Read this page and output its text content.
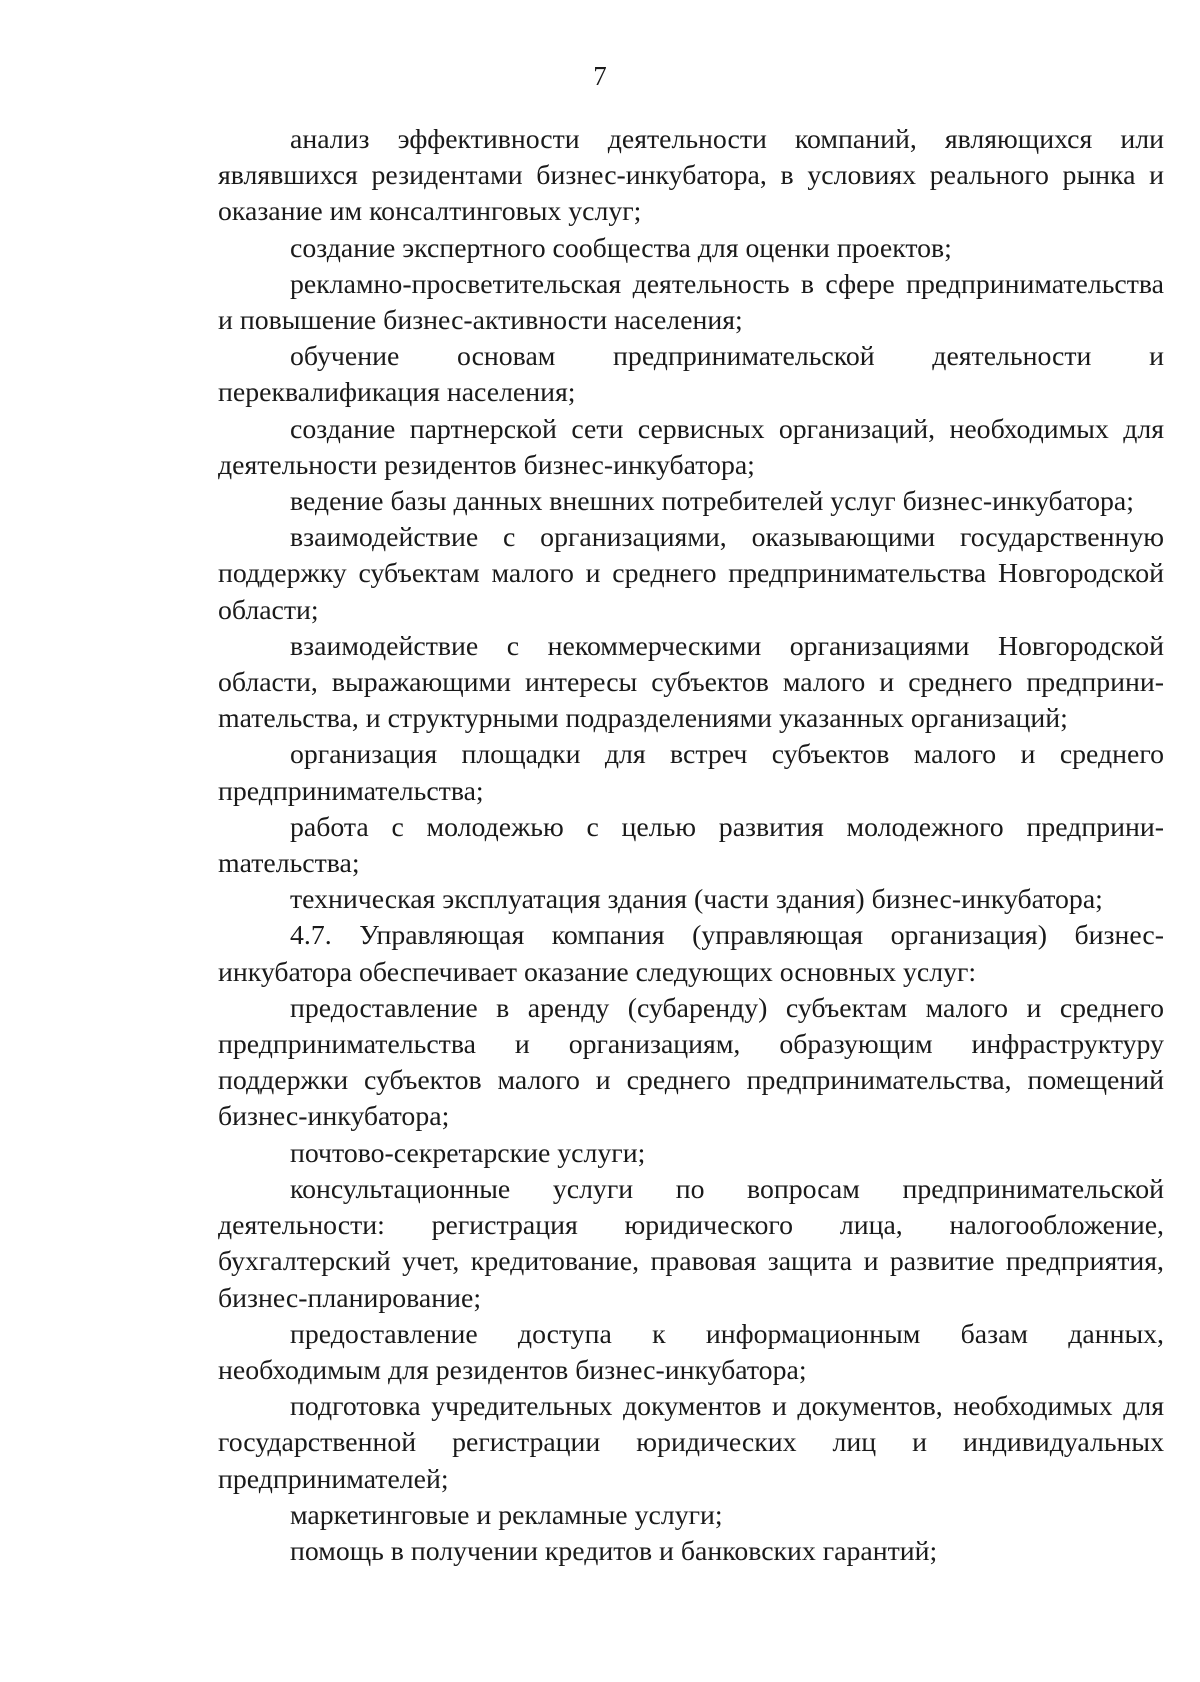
7

анализ эффективности деятельности компаний, являющихся или являвшихся резидентами бизнес-инкубатора, в условиях реального рынка и оказание им консалтинговых услуг;

создание экспертного сообщества для оценки проектов;

рекламно-просветительская деятельность в сфере предпринимательства и повышение бизнес-активности населения;

обучение основам предпринимательской деятельности и переквалификация населения;

создание партнерской сети сервисных организаций, необходимых для деятельности резидентов бизнес-инкубатора;

ведение базы данных внешних потребителей услуг бизнес-инкубатора;

взаимодействие с организациями, оказывающими государственную поддержку субъектам малого и среднего предпринимательства Новгородской области;

взаимодействие с некоммерческими организациями Новгородской области, выражающими интересы субъектов малого и среднего предприниmательства, и структурными подразделениями указанных организаций;

организация площадки для встреч субъектов малого и среднего предпринимательства;

работа с молодежью с целью развития молодежного предприниmательства;

техническая эксплуатация здания (части здания) бизнес-инкубатора;

4.7. Управляющая компания (управляющая организация) бизнес-инкубатора обеспечивает оказание следующих основных услуг:

предоставление в аренду (субаренду) субъектам малого и среднего предпринимательства и организациям, образующим инфраструктуру поддержки субъектов малого и среднего предпринимательства, помещений бизнес-инкубатора;

почтово-секретарские услуги;

консультационные услуги по вопросам предпринимательской деятельности: регистрация юридического лица, налогообложение, бухгалтерский учет, кредитование, правовая защита и развитие предприятия, бизнес-планирование;

предоставление доступа к информационным базам данных, необходимым для резидентов бизнес-инкубатора;

подготовка учредительных документов и документов, необходимых для государственной регистрации юридических лиц и индивидуальных предпринимателей;

маркетинговые и рекламные услуги;

помощь в получении кредитов и банковских гарантий;
